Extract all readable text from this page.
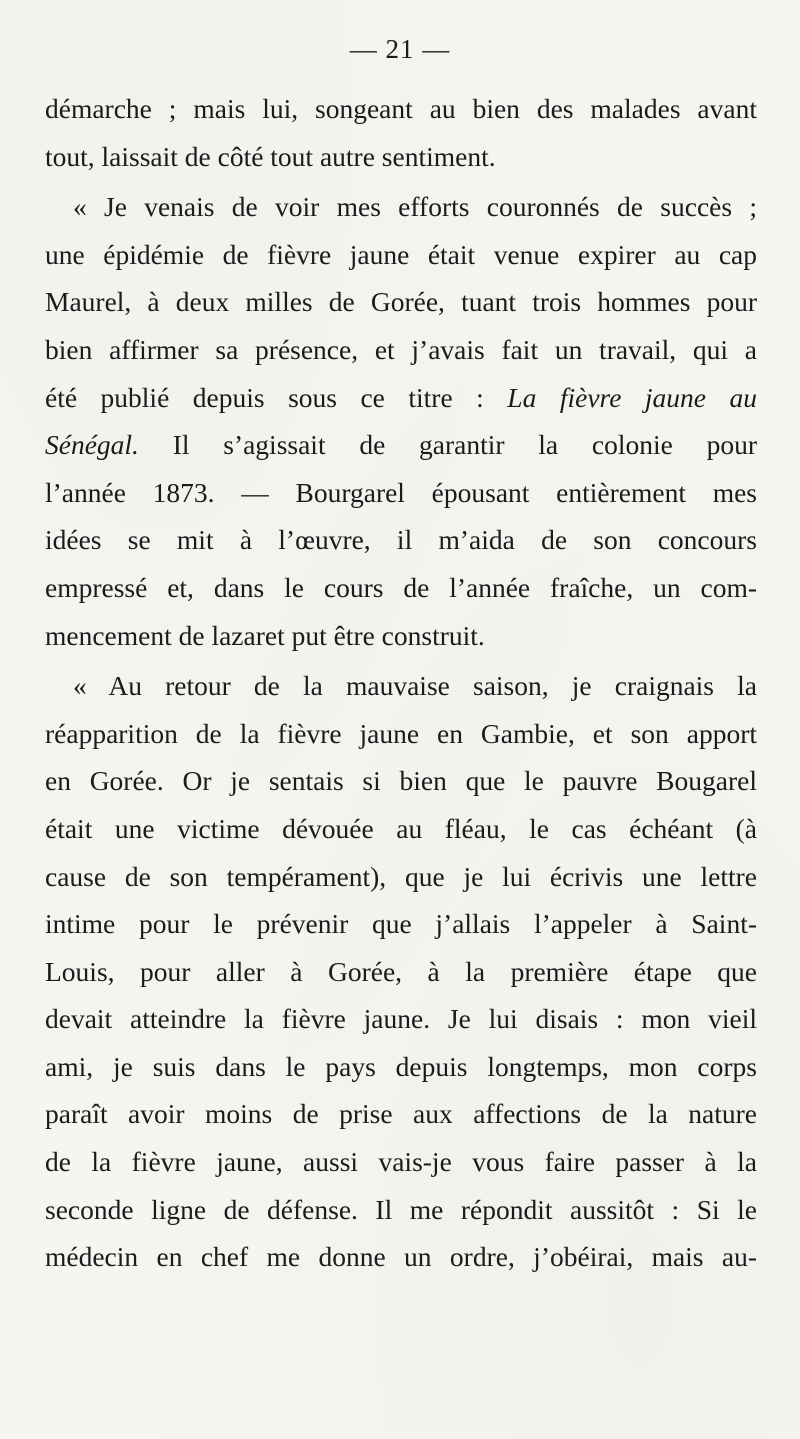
— 21 —
démarche ; mais lui, songeant au bien des malades avant
tout, laissait de côté tout autre sentiment.
« Je venais de voir mes efforts couronnés de succès ;
une épidémie de fièvre jaune était venue expirer au cap
Maurel, à deux milles de Gorée, tuant trois hommes pour
bien affirmer sa présence, et j’avais fait un travail, qui a
été publié depuis sous ce titre : La fièvre jaune au
Sénégal. Il s’agissait de garantir la colonie pour
l’année 1873. — Bourgarel épousant entièrement mes
idées se mit à l’œuvre, il m’aida de son concours
empressé et, dans le cours de l’année fraîche, un com-
mencement de lazaret put être construit.
« Au retour de la mauvaise saison, je craignais la
réapparition de la fièvre jaune en Gambie, et son apport
en Gorée. Or je sentais si bien que le pauvre Bougarel
était une victime dévouée au fléau, le cas échéant (à
cause de son tempérament), que je lui écrivis une lettre
intime pour le prévenir que j’allais l’appeler à Saint-
Louis, pour aller à Gorée, à la première étape que
devait atteindre la fièvre jaune. Je lui disais : mon vieil
ami, je suis dans le pays depuis longtemps, mon corps
paraît avoir moins de prise aux affections de la nature
de la fièvre jaune, aussi vais-je vous faire passer à la
seconde ligne de défense. Il me répondit aussitôt : Si le
médecin en chef me donne un ordre, j’obéirai, mais au-
